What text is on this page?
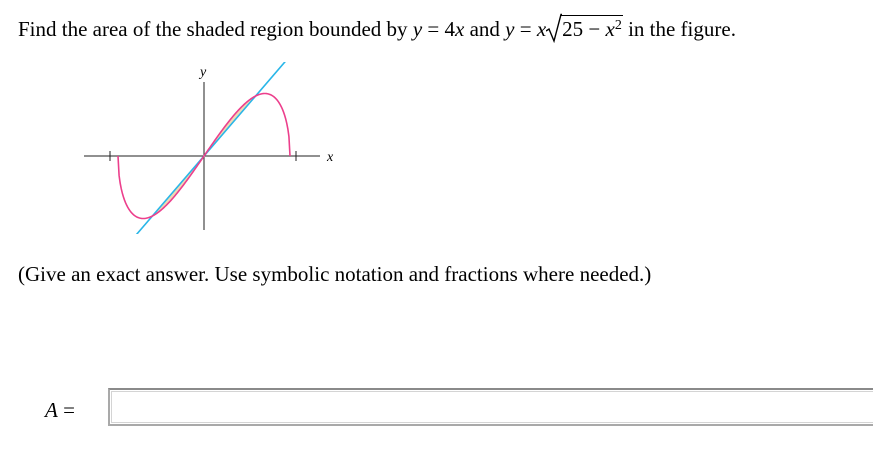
Find the area of the shaded region bounded by y = 4x and y = x $25 - x^2$ in the figure.
x
y
(Give an exact answer. Use symbolic notation and fractions where needed.)
A =
